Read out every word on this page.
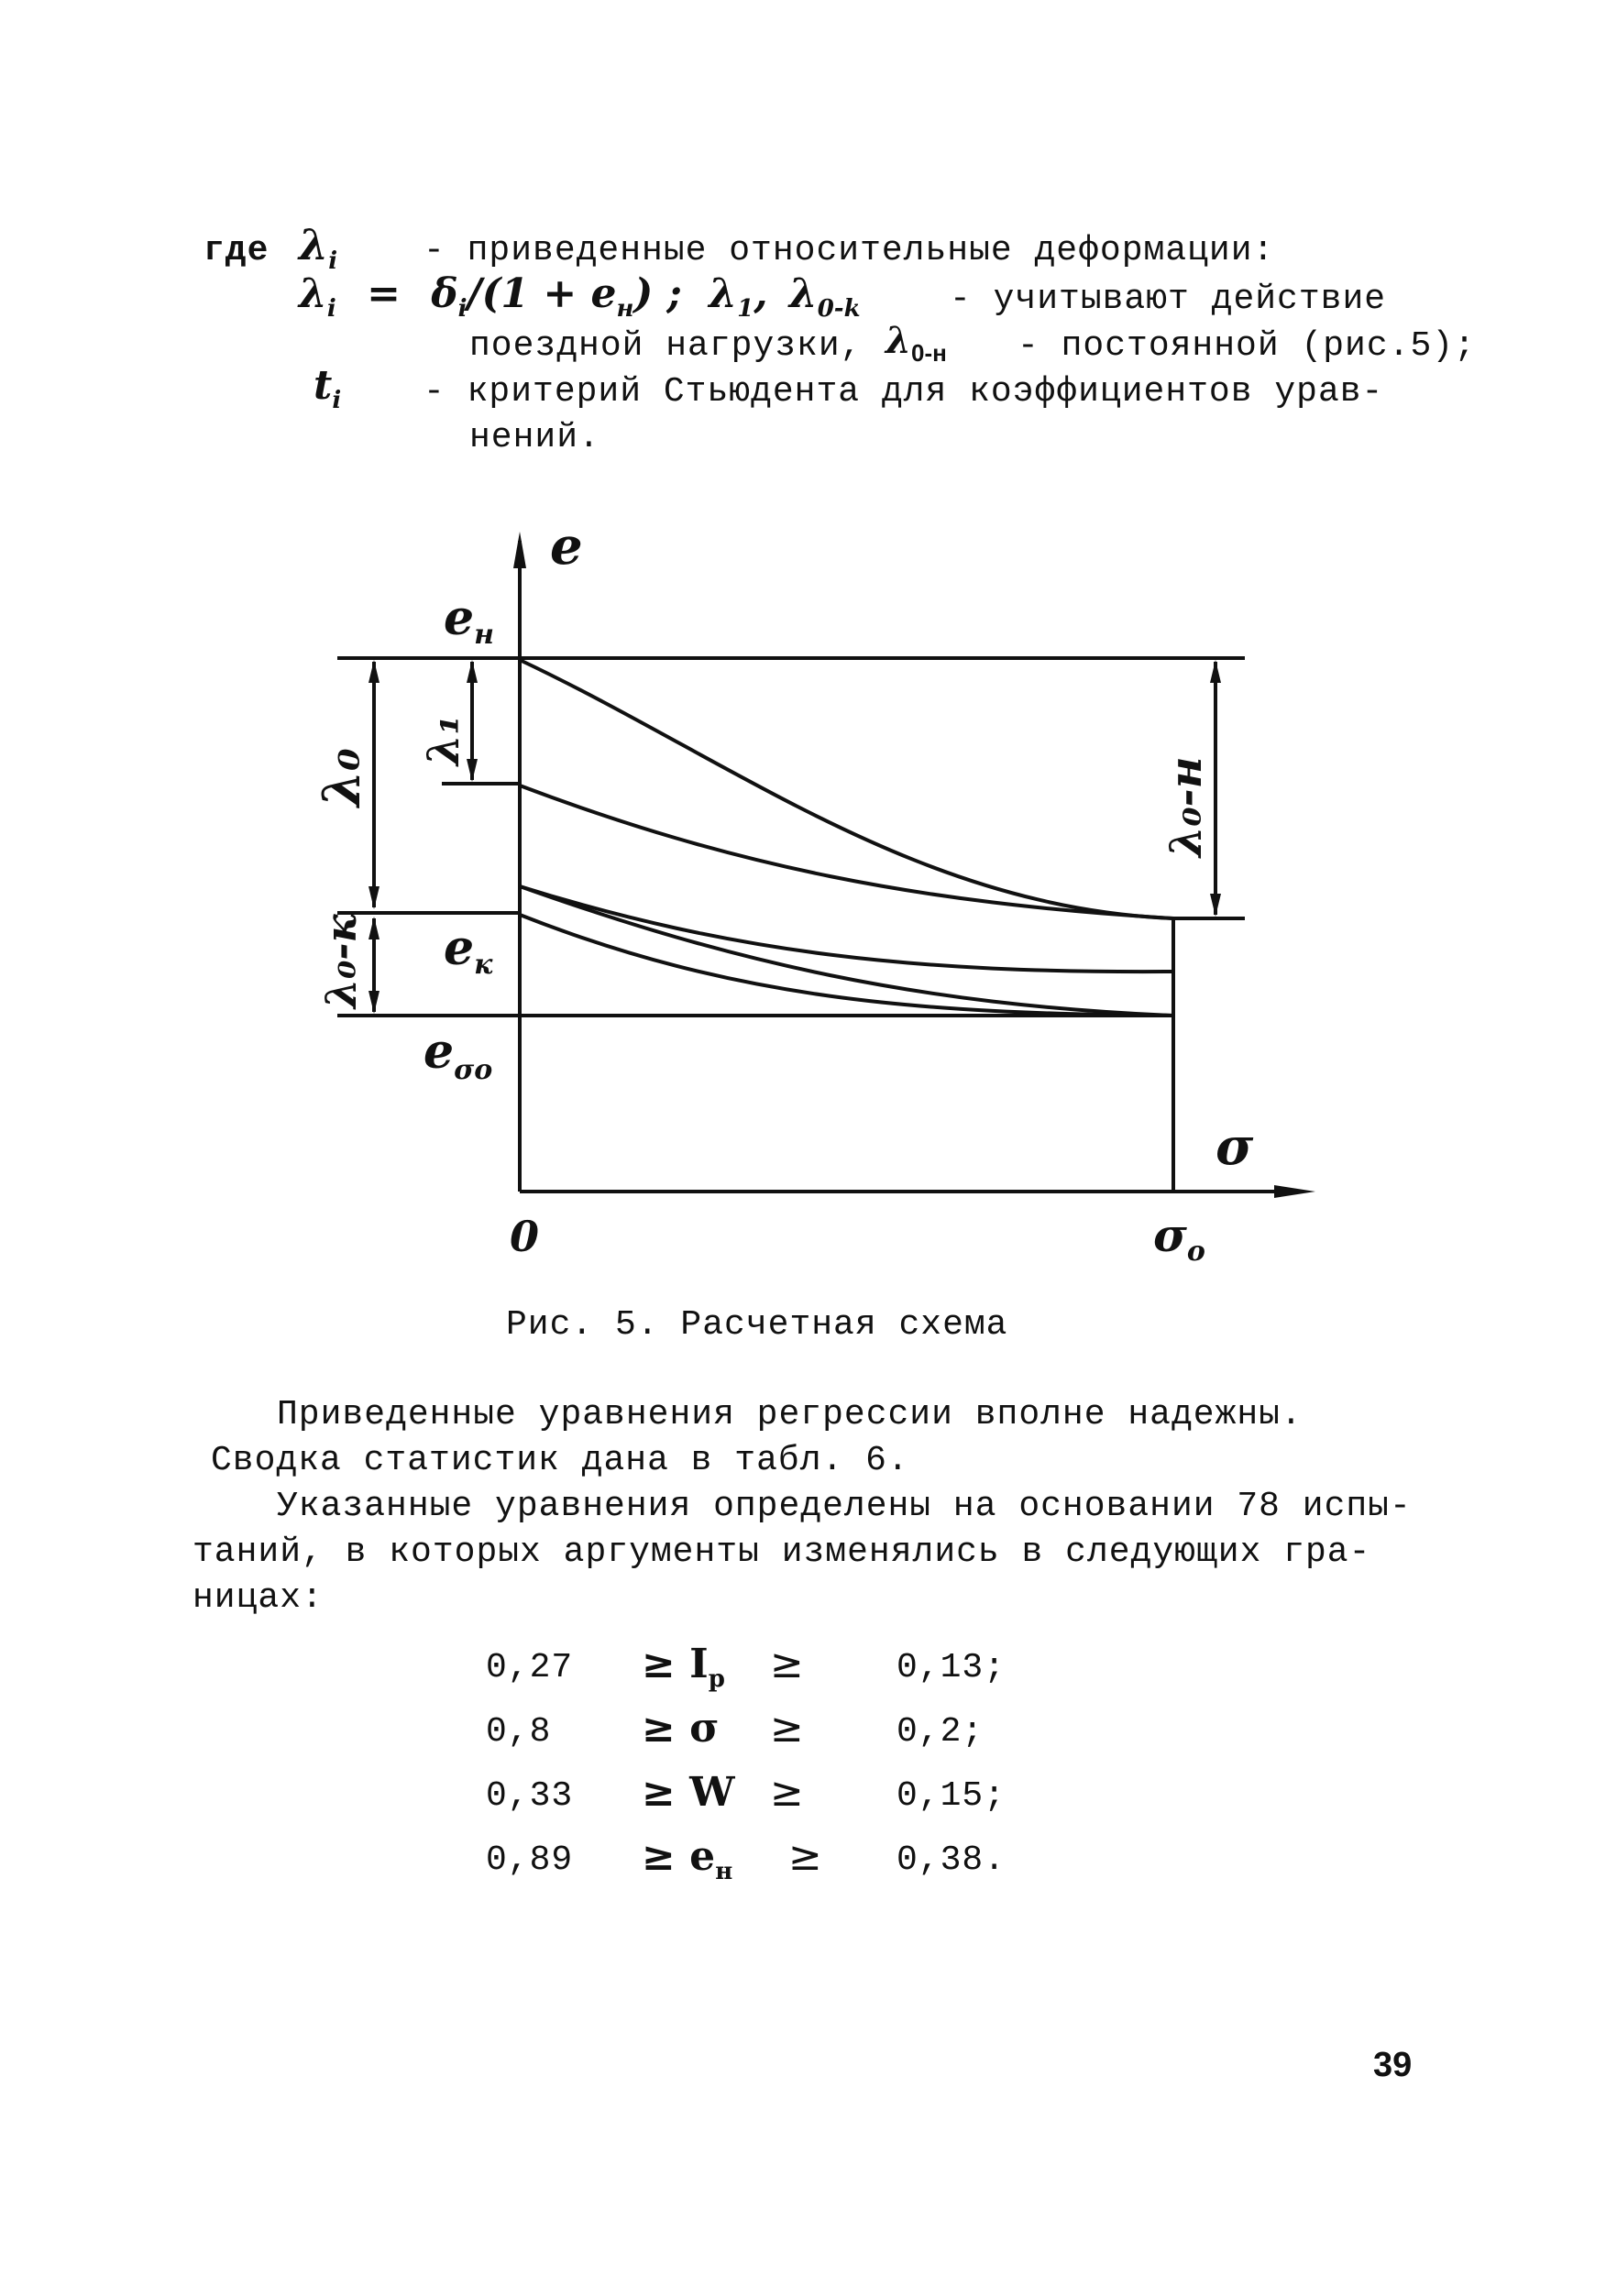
где $\lambda_i$ - приведенные относительные деформации:
$\lambda_i = \delta_i/(1 + e_н)$ ; $\lambda_1$, $\lambda_{0-k}$	- учитывают действие
поездной нагрузки, $\lambda_{0-н}$ - постоянной (рис.5);
$t_i$ - критерий Стьюдента для коэффициентов урав-
нений.
e
σ
0	$\sigma_o$
eн
eк
$e_{\sigma o}$
λ₀
λ₁
λ₀-к
λ₀-н
Рис. 5. Расчетная схема
Приведенные уравнения регрессии вполне надежны.
Сводка статистик дана в табл. 6.
Указанные уравнения определены на основании 78 испы-
таний, в которых аргументы изменялись в следующих гра-
ницах:
$0,27 \ge I_р$ ≥	0,13;
0,8 ≥ σ ≥	0,2;
0,33 ≥ W ≥	0,15;
$0,89 \ge e_н \ge 0,38$.
39
